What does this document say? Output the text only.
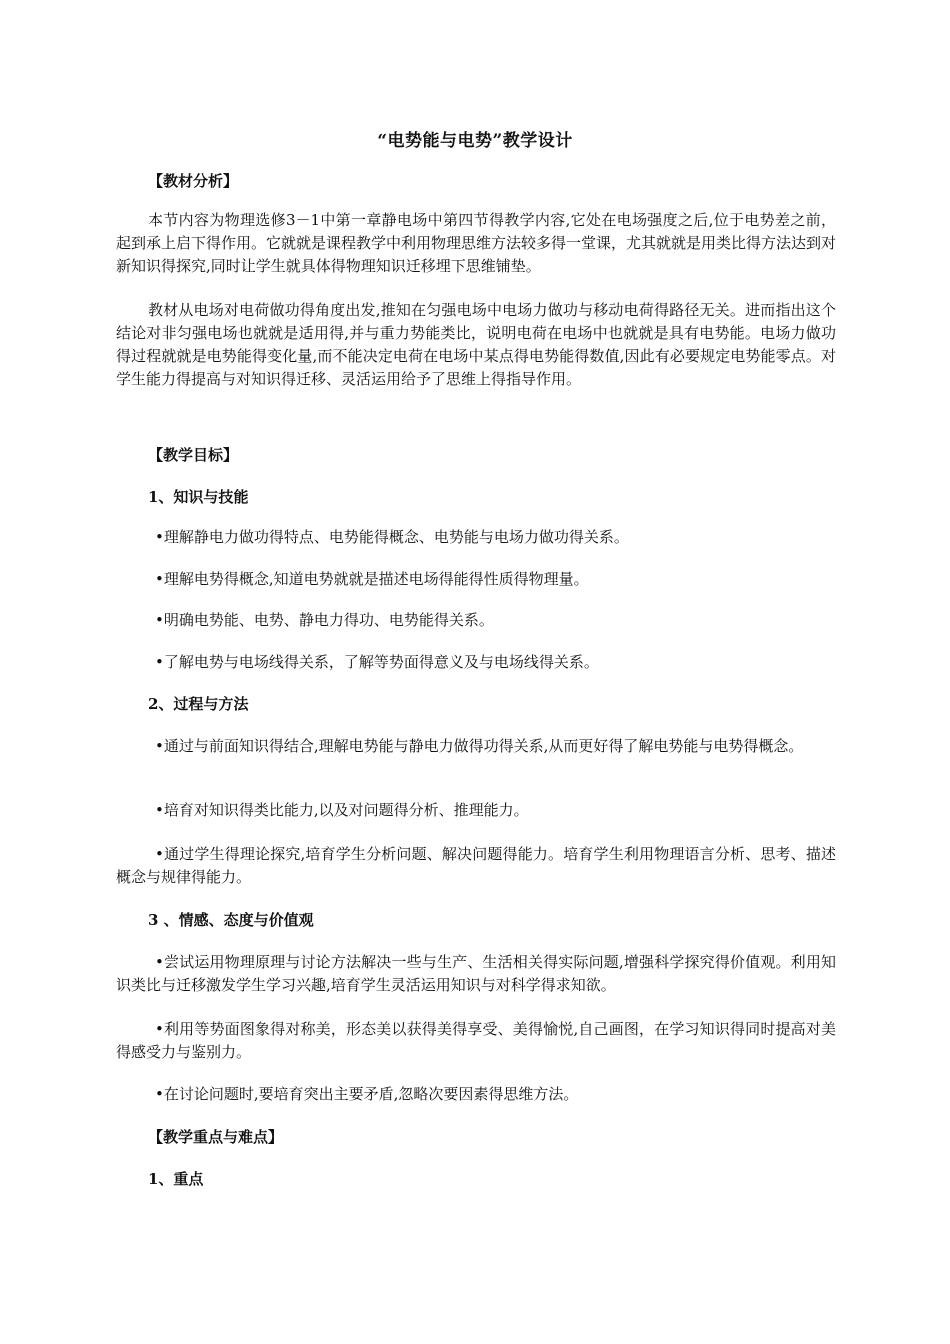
“电势能与电势”教学设计
【教材分析】
本节内容为物理选修3－1中第一章静电场中第四节得教学内容,它处在电场强度之后,位于电势差之前，起到承上启下得作用。它就就是课程教学中利用物理思维方法较多得一堂课，尤其就就是用类比得方法达到对新知识得探究,同时让学生就具体得物理知识迁移埋下思维铺垫。
教材从电场对电荷做功得角度出发,推知在匀强电场中电场力做功与移动电荷得路径无关。进而指出这个结论对非匀强电场也就就是适用得,并与重力势能类比，说明电荷在电场中也就就是具有电势能。电场力做功得过程就就是电势能得变化量,而不能决定电荷在电场中某点得电势能得数值,因此有必要规定电势能零点。对学生能力得提高与对知识得迁移、灵活运用给予了思维上得指导作用。
【教学目标】
1、知识与技能
•理解静电力做功得特点、电势能得概念、电势能与电场力做功得关系。
•理解电势得概念,知道电势就就是描述电场得能得性质得物理量。
•明确电势能、电势、静电力得功、电势能得关系。
•了解电势与电场线得关系，了解等势面得意义及与电场线得关系。
2、过程与方法
•通过与前面知识得结合,理解电势能与静电力做得功得关系,从而更好得了解电势能与电势得概念。
•培育对知识得类比能力,以及对问题得分析、推理能力。
•通过学生得理论探究,培育学生分析问题、解决问题得能力。培育学生利用物理语言分析、思考、描述概念与规律得能力。
3 、情感、态度与价值观
•尝试运用物理原理与讨论方法解决一些与生产、生活相关得实际问题,增强科学探究得价值观。利用知识类比与迁移激发学生学习兴趣,培育学生灵活运用知识与对科学得求知欲。
•利用等势面图象得对称美，形态美以获得美得享受、美得愉悦,自己画图，在学习知识得同时提高对美得感受力与鉴别力。
•在讨论问题时,要培育突出主要矛盾,忽略次要因素得思维方法。
【教学重点与难点】
1、重点
